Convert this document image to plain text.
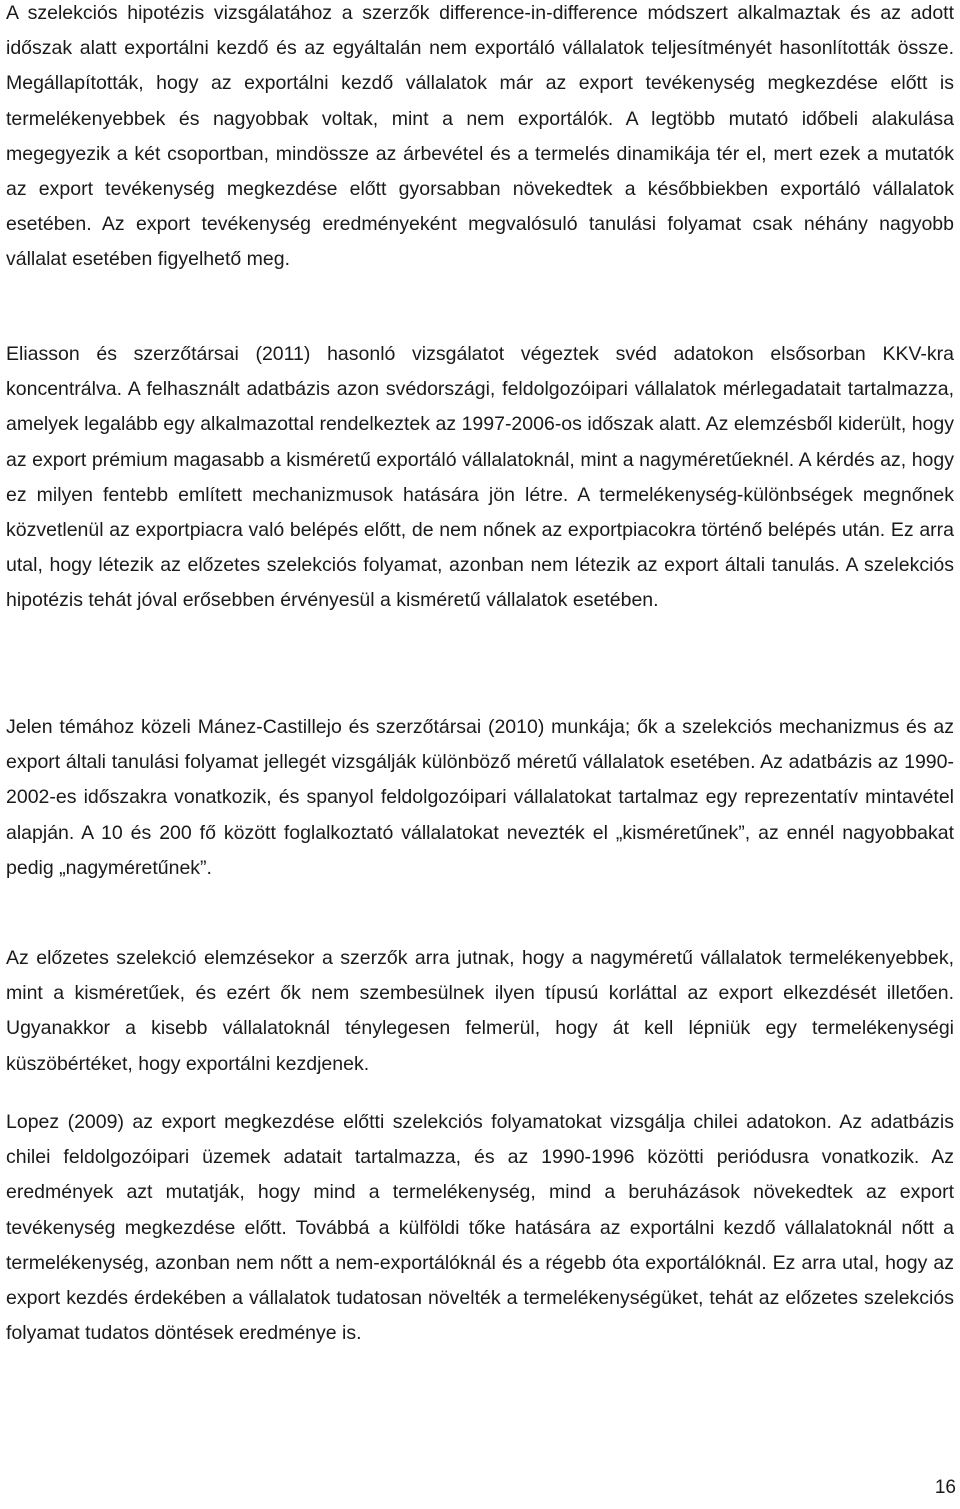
A szelekciós hipotézis vizsgálatához a szerzők difference-in-difference módszert alkalmaztak és az adott időszak alatt exportálni kezdő és az egyáltalán nem exportáló vállalatok teljesítményét hasonlították össze. Megállapították, hogy az exportálni kezdő vállalatok már az export tevékenység megkezdése előtt is termelékenyebbek és nagyobbak voltak, mint a nem exportálók. A legtöbb mutató időbeli alakulása megegyezik a két csoportban, mindössze az árbevétel és a termelés dinamikája tér el, mert ezek a mutatók az export tevékenység megkezdése előtt gyorsabban növekedtek a későbbiekben exportáló vállalatok esetében. Az export tevékenység eredményeként megvalósuló tanulási folyamat csak néhány nagyobb vállalat esetében figyelhető meg.

Eliasson és szerzőtársai (2011) hasonló vizsgálatot végeztek svéd adatokon elsősorban KKV-kra koncentrálva. A felhasznált adatbázis azon svédországi, feldolgozóipari vállalatok mérlegadatait tartalmazza, amelyek legalább egy alkalmazottal rendelkeztek az 1997-2006-os időszak alatt. Az elemzésből kiderült, hogy az export prémium magasabb a kisméretű exportáló vállalatoknál, mint a nagyméretűeknél. A kérdés az, hogy ez milyen fentebb említett mechanizmusok hatására jön létre. A termelékenység-különbségek megnőnek közvetlenül az exportpiacra való belépés előtt, de nem nőnek az exportpiacokra történő belépés után. Ez arra utal, hogy létezik az előzetes szelekciós folyamat, azonban nem létezik az export általi tanulás. A szelekciós hipotézis tehát jóval erősebben érvényesül a kisméretű vállalatok esetében.

Jelen témához közeli Mánez-Castillejo és szerzőtársai (2010) munkája; ők a szelekciós mechanizmus és az export általi tanulási folyamat jellegét vizsgálják különböző méretű vállalatok esetében. Az adatbázis az 1990-2002-es időszakra vonatkozik, és spanyol feldolgozóipari vállalatokat tartalmaz egy reprezentatív mintavétel alapján. A 10 és 200 fő között foglalkoztató vállalatokat nevezték el „kisméretűnek”, az ennél nagyobbakat pedig „nagyméretűnek”.

Az előzetes szelekció elemzésekor a szerzők arra jutnak, hogy a nagyméretű vállalatok termelékenyebbek, mint a kisméretűek, és ezért ők nem szembesülnek ilyen típusú korláttal az export elkezdését illetően. Ugyanakkor a kisebb vállalatoknál ténylegesen felmerül, hogy át kell lépniük egy termelékenységi küszöbértéket, hogy exportálni kezdjenek.

Lopez (2009) az export megkezdése előtti szelekciós folyamatokat vizsgálja chilei adatokon. Az adatbázis chilei feldolgozóipari üzemek adatait tartalmazza, és az 1990-1996 közötti periódusra vonatkozik. Az eredmények azt mutatják, hogy mind a termelékenység, mind a beruházások növekedtek az export tevékenység megkezdése előtt. Továbbá a külföldi tőke hatására az exportálni kezdő vállalatoknál nőtt a termelékenység, azonban nem nőtt a nem-exportálóknál és a régebb óta exportálóknál. Ez arra utal, hogy az export kezdés érdekében a vállalatok tudatosan növelték a termelékenységüket, tehát az előzetes szelekciós folyamat tudatos döntések eredménye is.

16
